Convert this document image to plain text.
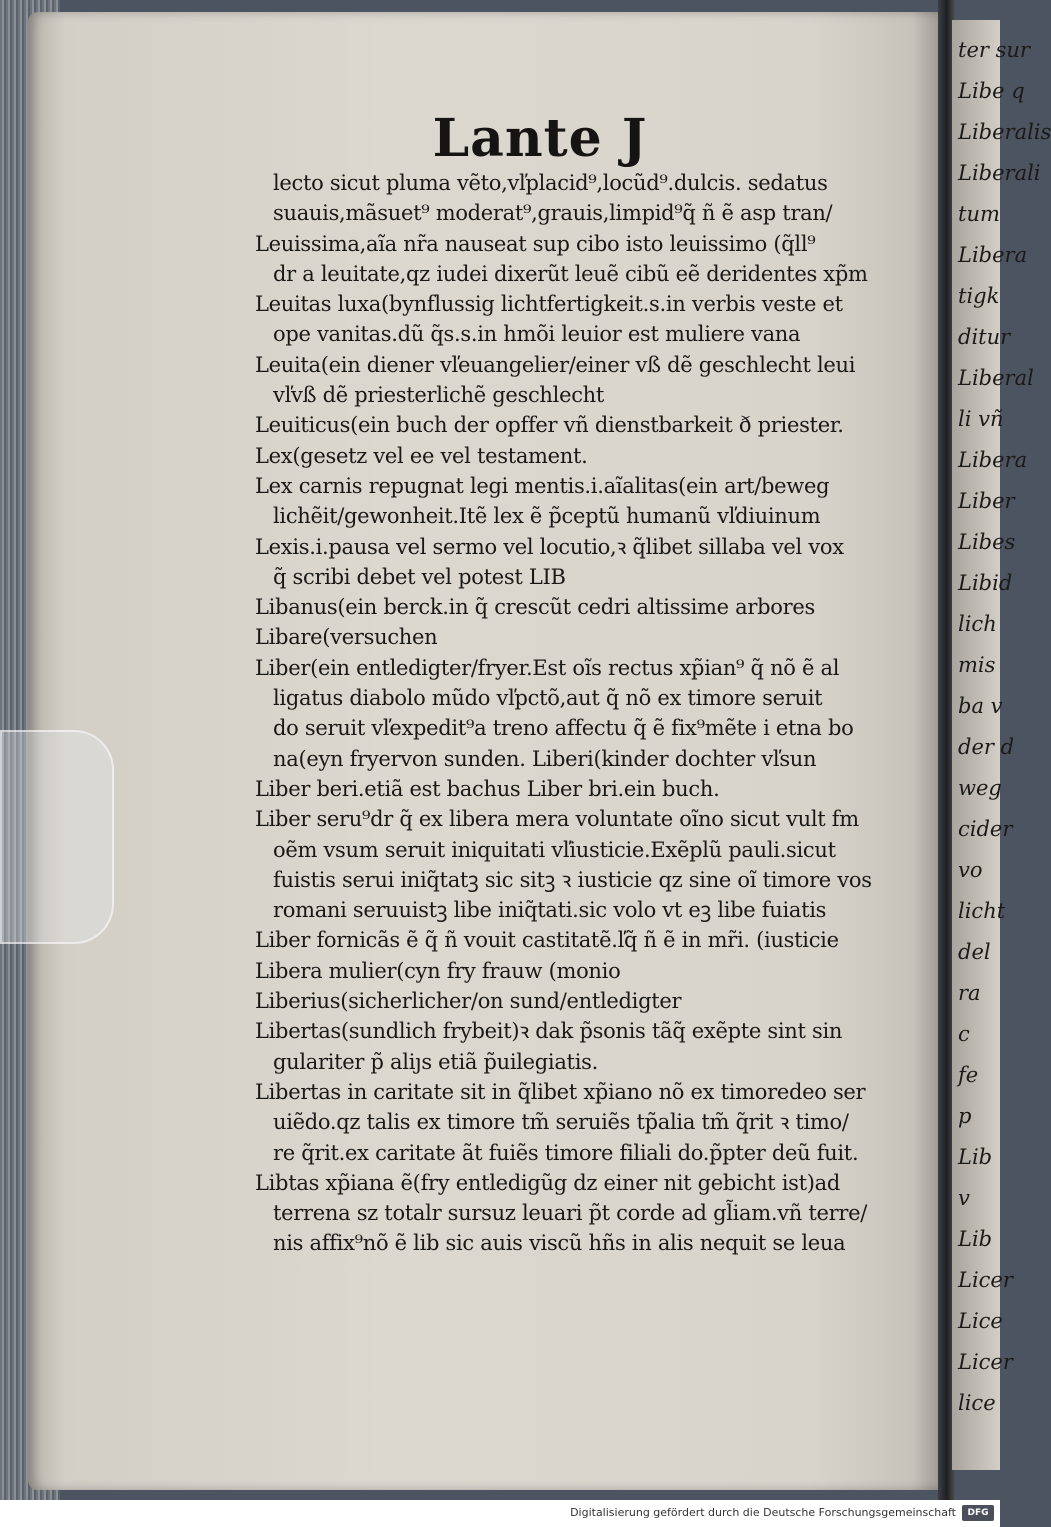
ter sur
Libe q
Liberalis
Liberali
tum
Libera
tigk
ditur
Liberal
li vñ
Libera
Liber
Libes
Libid
lich
mis
ba v
der d
weg
cider
vo
licht
del
ra
c
fe
p
Lib
v
Lib
Licer
Lice
Licer
lice
Lante J
lecto sicut pluma vẽto,vľplacid⁹,locũd⁹.dulcis. sedatus
suauis,mãsuet⁹ moderat⁹,grauis,limpid⁹q̃ ñ ẽ asp tran/
Leuissima,aĩa nr̃a nauseat sup cibo isto leuissimo (q̃ll⁹
dr a leuitate,qz iudei dixerũt leuẽ cibũ eẽ deridentes xp̃m
Leuitas luxa(bynflussig lichtfertigkeit.s.in verbis veste et
ope vanitas.dũ q̃s.s.in hmõi leuior est muliere vana
Leuita(ein diener vľeuangelier/einer vß dẽ geschlecht leui
vľvß dẽ priesterlichẽ geschlecht
Leuiticus(ein buch der opffer vñ dienstbarkeit ð priester.
Lex(gesetz vel ee vel testament.
Lex carnis repugnat legi mentis.i.aĩalitas(ein art/beweg
lichẽit/gewonheit.Itẽ lex ẽ p̃ceptũ humanũ vľdiuinum
Lexis.i.pausa vel sermo vel locutio,ꝛ q̃libet sillaba vel vox
q̃ scribi debet vel potest LIB
Libanus(ein berck.in q̃ crescũt cedri altissime arbores
Libare(versuchen
Liber(ein entledigter/fryer.Est oĩs rectus xp̃ian⁹ q̃ nõ ẽ al
ligatus diabolo mũdo vľpctõ,aut q̃ nõ ex timore seruit
do seruit vľexpedit⁹a treno affectu q̃ ẽ fix⁹mẽte i etna bo
na(eyn fryervon sunden. Liberi(kinder dochter vľsun
Liber beri.etiã est bachus Liber bri.ein buch.
Liber seru⁹dr q̃ ex libera mera voluntate oĩno sicut vult fm
oẽm vsum seruit iniquitati vľiusticie.Exẽplũ pauli.sicut
fuistis serui iniq̃tatꝫ sic sitꝫ ꝛ iusticie qz sine oĩ timore vos
romani seruuistꝫ libe iniq̃tati.sic volo vt eꝫ libe fuiatis
Liber fornicãs ẽ q̃ ñ vouit castitatẽ.ľq̃ ñ ẽ in mr̃i. (iusticie
Libera mulier(cyn fry frauw (monio
Liberius(sicherlicher/on sund/entledigter
Libertas(sundlich frybeit)ꝛ dak p̃sonis tãq̃ exẽpte sint sin
gulariter p̃ aliȷs etiã p̃uilegiatis.
Libertas in caritate sit in q̃libet xp̃iano nõ ex timoredeo ser
uiẽdo.qz talis ex timore tm̃ seruiẽs tp̃alia tm̃ q̃rit ꝛ timo/
re q̃rit.ex caritate ãt fuiẽs timore filiali do.p̃pter deũ fuit.
Libtas xp̃iana ẽ(fry entledigũg dz einer nit gebicht ist)ad
terrena sz totalr sursuz leuari p̃t corde ad gl̃iam.vñ terre/
nis affix⁹nõ ẽ lib sic auis viscũ hñs in alis nequit se leua
Digitalisierung gefördert durch die Deutsche Forschungsgemeinschaft	DFG
